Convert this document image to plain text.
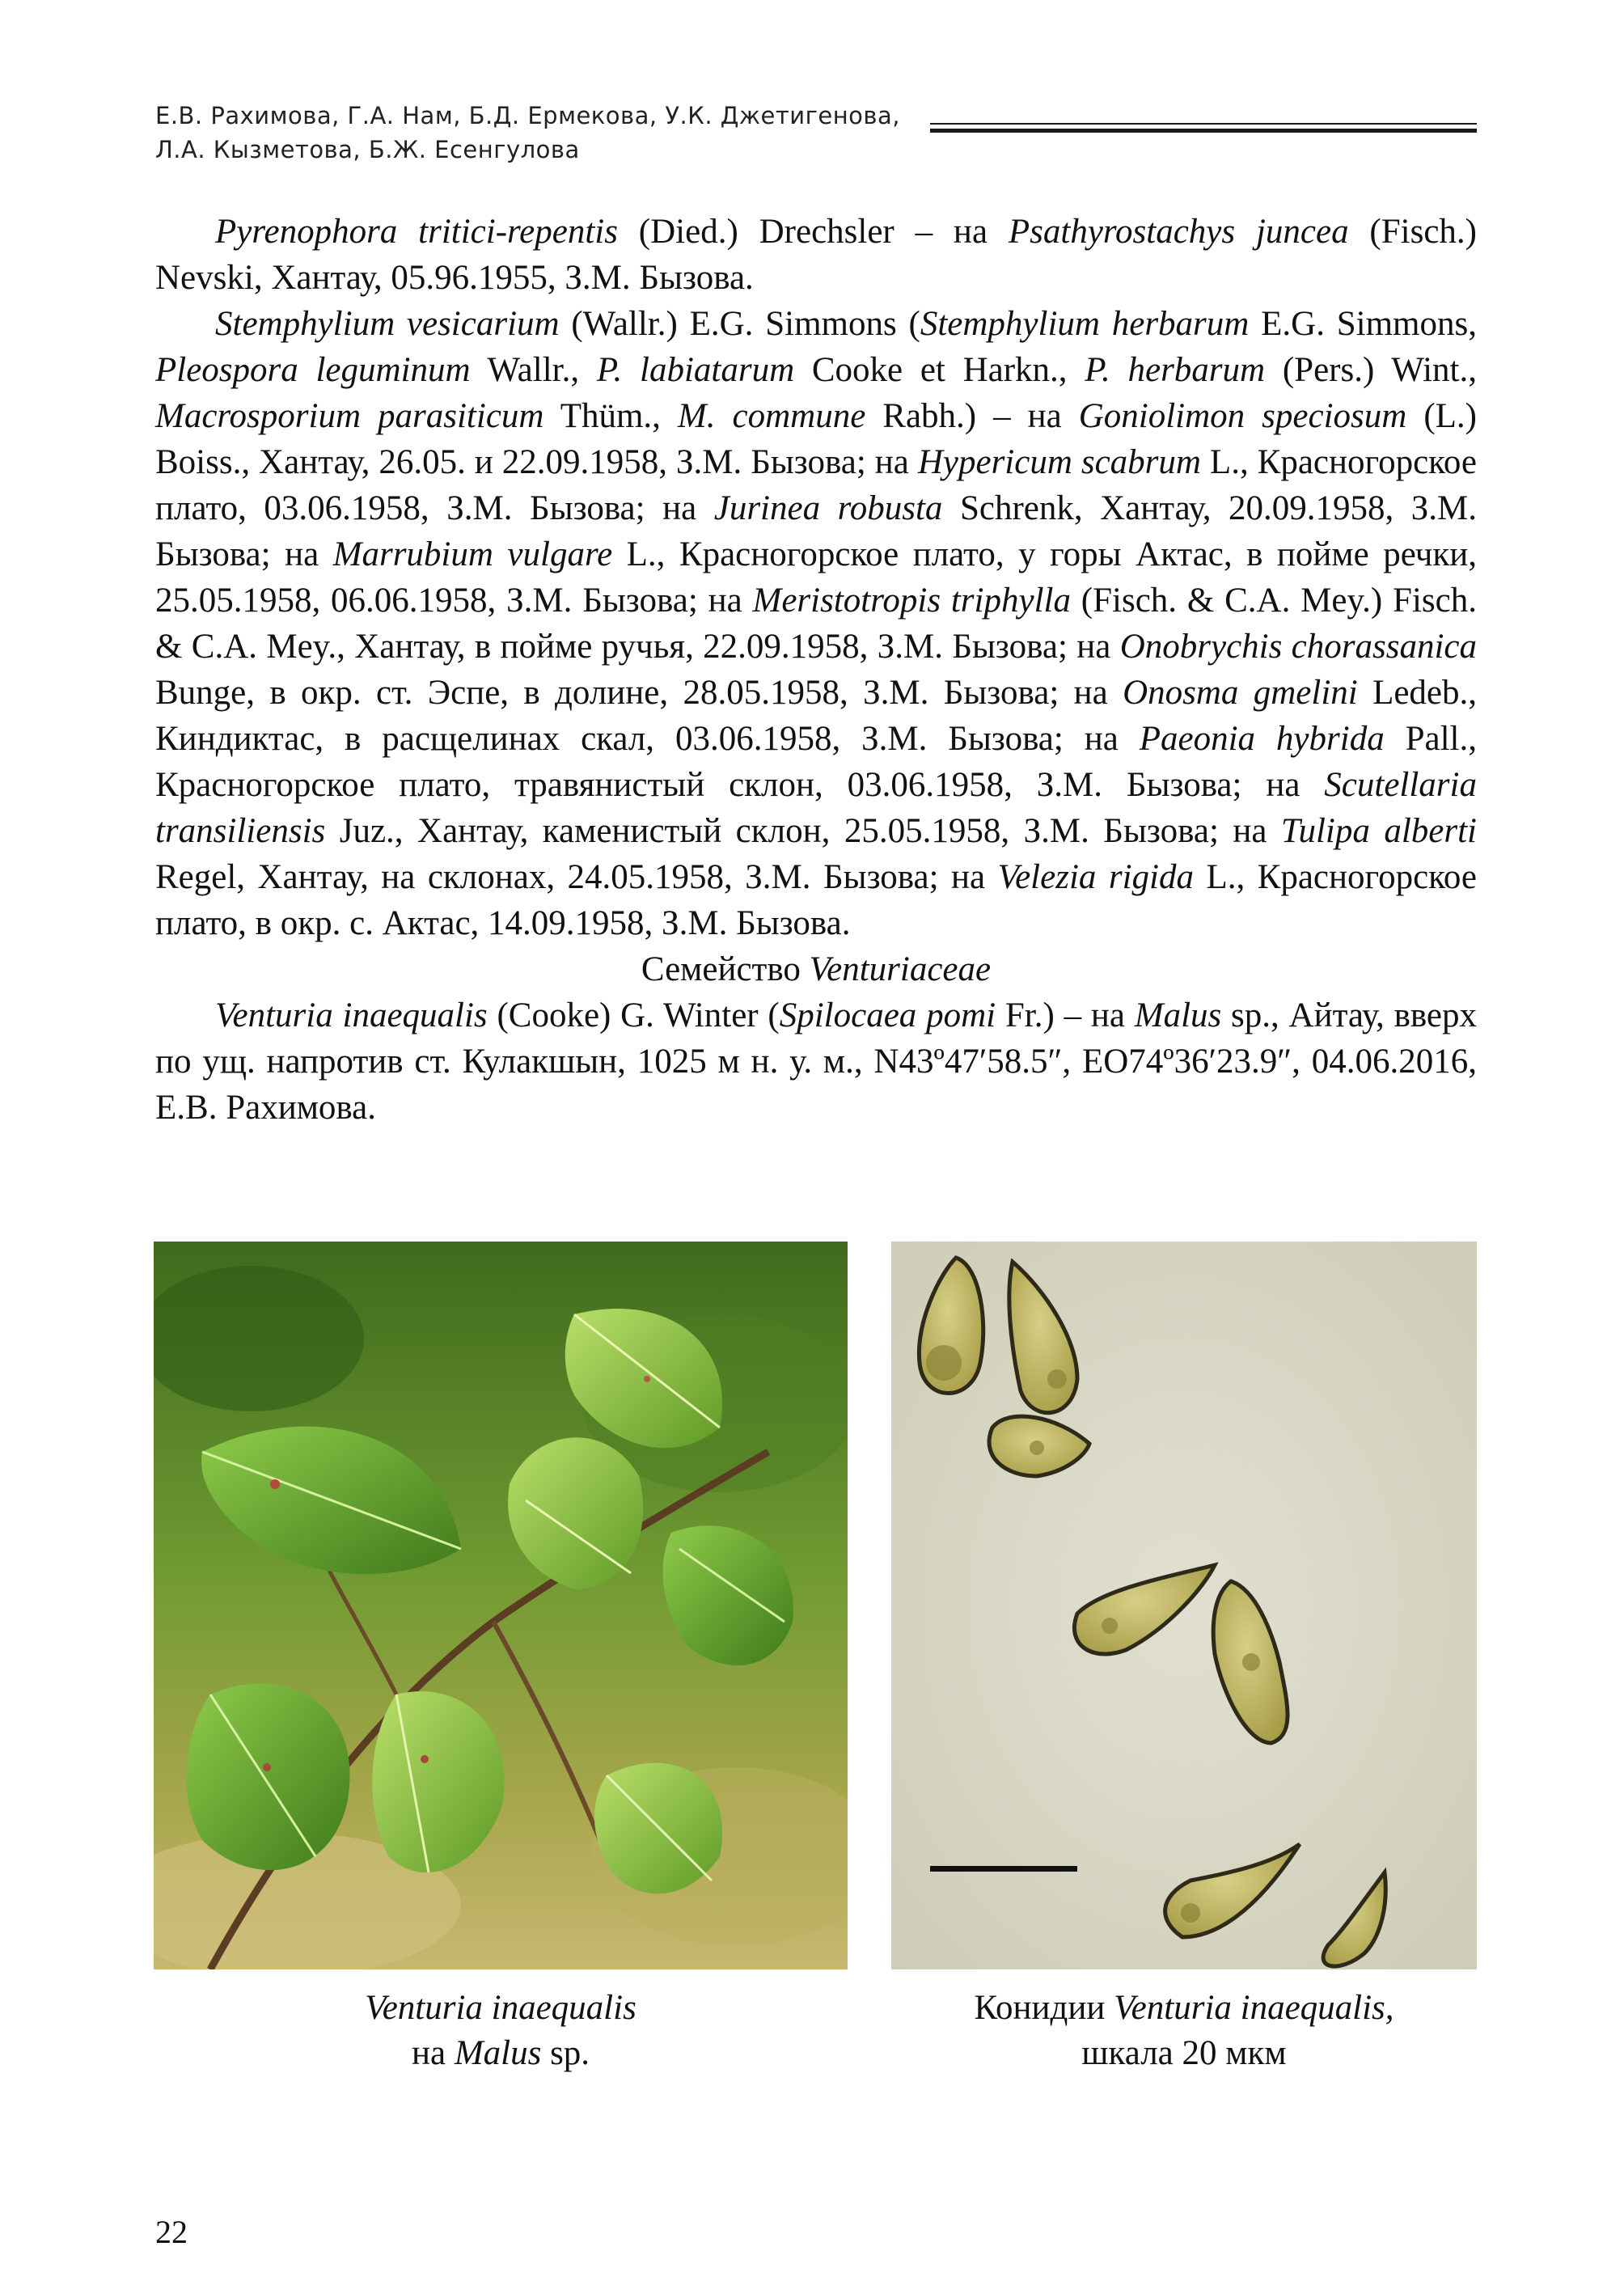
Е.В. Рахимова, Г.А. Нам, Б.Д. Ермекова, У.К. Джетигенова,
Л.А. Кызметова, Б.Ж. Есенгулова

Pyrenophora tritici-repentis (Died.) Drechsler – на Psathyrostachys juncea (Fisch.) Nevski, Хантау, 05.96.1955, З.М. Бызова.

Stemphylium vesicarium (Wallr.) E.G. Simmons (Stemphylium herbarum E.G. Simmons, Pleospora leguminum Wallr., P. labiatarum Cooke et Harkn., P. herbarum (Pers.) Wint., Macrosporium parasiticum Thüm., M. commune Rabh.) – на Goniolimon speciosum (L.) Boiss., Хантау, 26.05. и 22.09.1958, З.М. Бызова; на Hypericum scabrum L., Красногорское плато, 03.06.1958, З.М. Бызова; на Jurinea robusta Schrenk, Хантау, 20.09.1958, З.М. Бызова; на Marrubium vulgare L., Красногорское плато, у горы Актас, в пойме речки, 25.05.1958, 06.06.1958, З.М. Бызова; на Meristotropis triphylla (Fisch. & C.A. Mey.) Fisch. & C.A. Mey., Хантау, в пойме ручья, 22.09.1958, З.М. Бызова; на Onobrychis chorassanica Bunge, в окр. ст. Эспе, в долине, 28.05.1958, З.М. Бызова; на Onosma gmelini Ledeb., Киндиктас, в расщелинах скал, 03.06.1958, З.М. Бызова; на Paeonia hybrida Pall., Красногорское плато, травянистый склон, 03.06.1958, З.М. Бызова; на Scutellaria transiliensis Juz., Хантау, каменистый склон, 25.05.1958, З.М. Бызова; на Tulipa alberti Regel, Хантау, на склонах, 24.05.1958, З.М. Бызова; на Velezia rigida L., Красногорское плато, в окр. с. Актас, 14.09.1958, З.М. Бызова.

Семейство Venturiaceae

Venturia inaequalis (Cooke) G. Winter (Spilocaea pomi Fr.) – на Malus sp., Айтау, вверх по ущ. напротив ст. Кулакшын, 1025 м н. у. м., N43º47′58.5″, EO74º36′23.9″, 04.06.2016, Е.В. Рахимова.

Venturia inaequalis
на Malus sp.
Конидии Venturia inaequalis,
шкала 20 мкм
22
